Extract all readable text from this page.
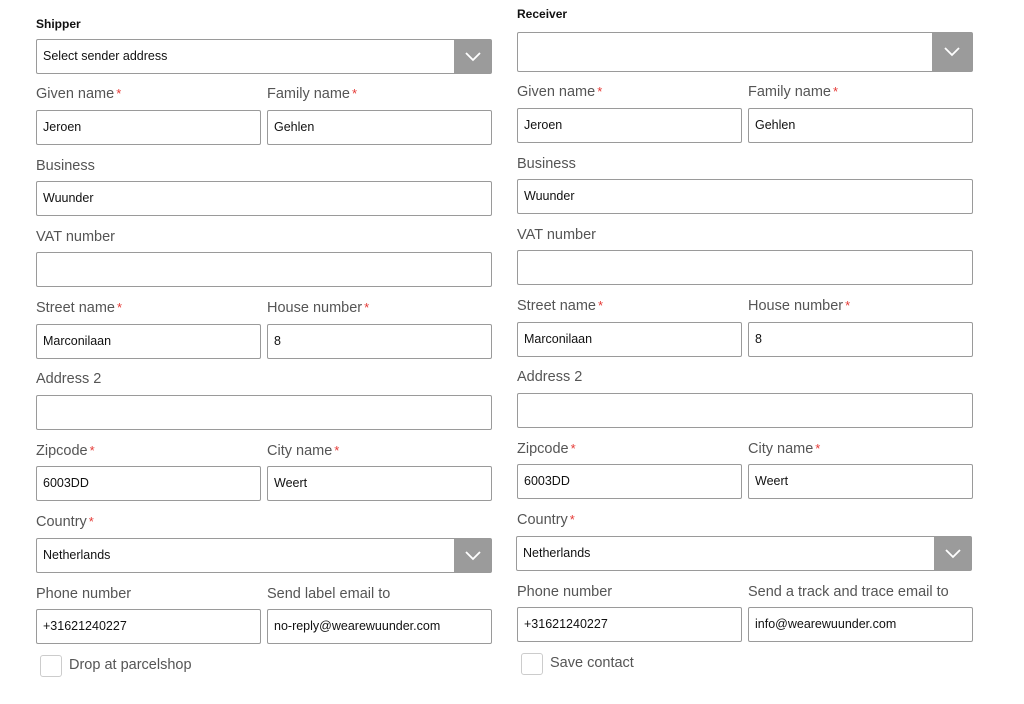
Shipper
Select sender address
Given name *	Family name *
Jeroen	Gehlen
Business
Wuunder
VAT number
Street name *	House number *
Marconilaan	8
Address 2
Zipcode *	City name *
6003DD	Weert
Country *
Netherlands
Phone number	Send label email to
+31621240227	no-reply@wearewuunder.com
Drop at parcelshop
Receiver
Given name *	Family name *
Jeroen	Gehlen
Business
Wuunder
VAT number
Street name *	House number *
Marconilaan	8
Address 2
Zipcode *	City name *
6003DD	Weert
Country *
Netherlands
Phone number	Send a track and trace email to
+31621240227	info@wearewuunder.com
Save contact
